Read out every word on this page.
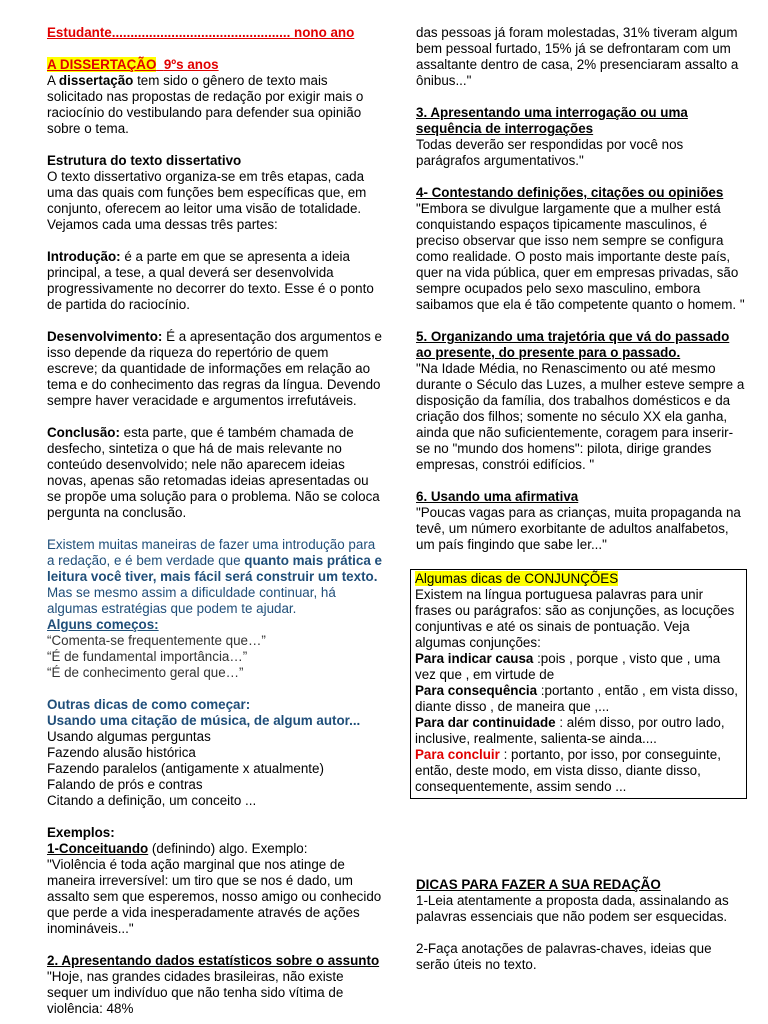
Estudante................................................ nono ano

A DISSERTAÇÃO 9ºs anos

A dissertação tem sido o gênero de texto mais solicitado nas propostas de redação por exigir mais o raciocínio do vestibulando para defender sua opinião sobre o tema.

Estrutura do texto dissertativo

O texto dissertativo organiza-se em três etapas, cada uma das quais com funções bem específicas que, em conjunto, oferecem ao leitor uma visão de totalidade. Vejamos cada uma dessas três partes:

Introdução: é a parte em que se apresenta a ideia principal, a tese, a qual deverá ser desenvolvida progressivamente no decorrer do texto. Esse é o ponto de partida do raciocínio.

Desenvolvimento: É a apresentação dos argumentos e isso depende da riqueza do repertório de quem escreve; da quantidade de informações em relação ao tema e do conhecimento das regras da língua. Devendo sempre haver veracidade e argumentos irrefutáveis.

Conclusão: esta parte, que é também chamada de desfecho, sintetiza o que há de mais relevante no conteúdo desenvolvido; nele não aparecem ideias novas, apenas são retomadas ideias apresentadas ou se propõe uma solução para o problema. Não se coloca pergunta na conclusão.

Existem muitas maneiras de fazer uma introdução para a redação, e é bem verdade que quanto mais prática e leitura você tiver, mais fácil será construir um texto. Mas se mesmo assim a dificuldade continuar, há algumas estratégias que podem te ajudar.

Alguns começos:

“Comenta-se frequentemente que…”

“É de fundamental importância…”

“É de conhecimento geral que…”

Outras dicas de como começar:

Usando uma citação de música, de algum autor...

Usando algumas perguntas

Fazendo alusão histórica

Fazendo paralelos (antigamente x atualmente)

Falando de prós e contras

Citando a definição, um conceito ...

Exemplos:

1-Conceituando (definindo) algo. Exemplo:

"Violência é toda ação marginal que nos atinge de maneira irreversível: um tiro que se nos é dado, um assalto sem que esperemos, nosso amigo ou conhecido que perde a vida inesperadamente através de ações inomináveis..."

2. Apresentando dados estatísticos sobre o assunto

"Hoje, nas grandes cidades brasileiras, não existe sequer um indivíduo que não tenha sido vítima de violência: 48%

das pessoas já foram molestadas, 31% tiveram algum bem pessoal furtado, 15% já se defrontaram com um assaltante dentro de casa, 2% presenciaram assalto a ônibus..."

3. Apresentando uma interrogação ou uma sequência de interrogações

Todas deverão ser respondidas por você nos parágrafos argumentativos."

4- Contestando definições, citações ou opiniões

"Embora se divulgue largamente que a mulher está conquistando espaços tipicamente masculinos, é preciso observar que isso nem sempre se configura como realidade. O posto mais importante deste país, quer na vida pública, quer em empresas privadas, são sempre ocupados pelo sexo masculino, embora saibamos que ela é tão competente quanto o homem. "

5. Organizando uma trajetória que vá do passado ao presente, do presente para o passado.

"Na Idade Média, no Renascimento ou até mesmo durante o Século das Luzes, a mulher esteve sempre a disposição da família, dos trabalhos domésticos e da criação dos filhos; somente no século XX ela ganha, ainda que não suficientemente, coragem para inserir-se no "mundo dos homens": pilota, dirige grandes empresas, constrói edifícios. "

6. Usando uma afirmativa

"Poucas vagas para as crianças, muita propaganda na tevê, um número exorbitante de adultos analfabetos, um país fingindo que sabe ler..."

Algumas dicas de CONJUNÇÕES

Existem na língua portuguesa palavras para unir frases ou parágrafos: são as conjunções, as locuções conjuntivas e até os sinais de pontuação. Veja algumas conjunções:

Para indicar causa :pois , porque , visto que , uma vez que , em virtude de

Para consequência :portanto , então , em vista disso, diante disso , de maneira que ,...

Para dar continuidade : além disso, por outro lado, inclusive, realmente, salienta-se ainda....

Para concluir : portanto, por isso, por conseguinte, então, deste modo, em vista disso, diante disso, consequentemente, assim sendo ...

DICAS PARA FAZER A SUA REDAÇÃO

1-Leia atentamente a proposta dada, assinalando as palavras essenciais que não podem ser esquecidas.

2-Faça anotações de palavras-chaves, ideias que serão úteis no texto.
